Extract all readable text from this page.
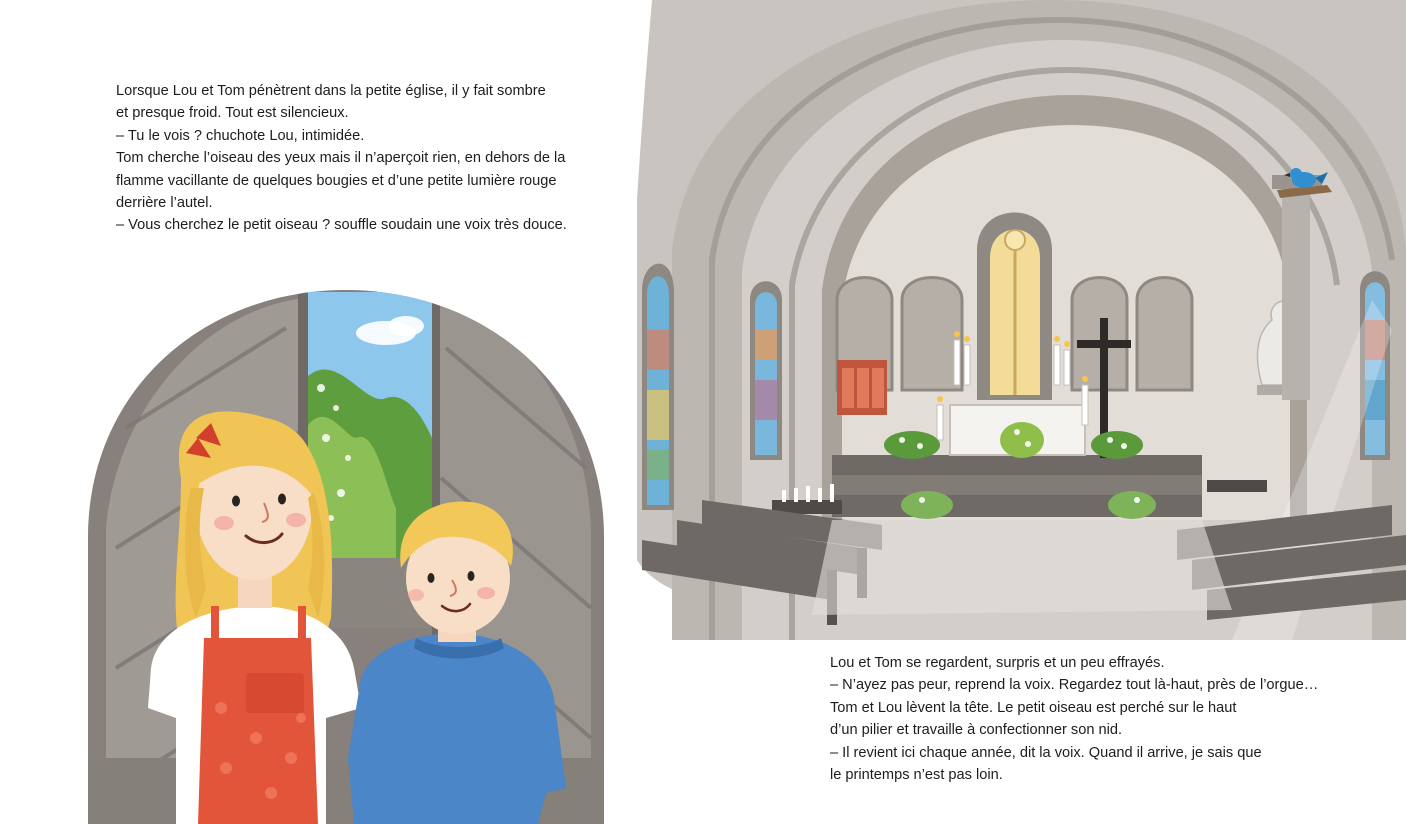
Lorsque Lou et Tom pénètrent dans la petite église, il y fait sombre

et presque froid. Tout est silencieux.

– Tu le vois ? chuchote Lou, intimidée.

Tom cherche l’oiseau des yeux mais il n’aperçoit rien, en dehors de la

flamme vacillante de quelques bougies et d’une petite lumière rouge

derrière l’autel.

– Vous cherchez le petit oiseau ? souffle soudain une voix très douce.

Lou et Tom se regardent, surpris et un peu effrayés.

– N’ayez pas peur, reprend la voix. Regardez tout là-haut, près de l’orgue…

Tom et Lou lèvent la tête. Le petit oiseau est perché sur le haut

d’un pilier et travaille à confectionner son nid.

– Il revient ici chaque année, dit la voix. Quand il arrive, je sais que

le printemps n’est pas loin.
